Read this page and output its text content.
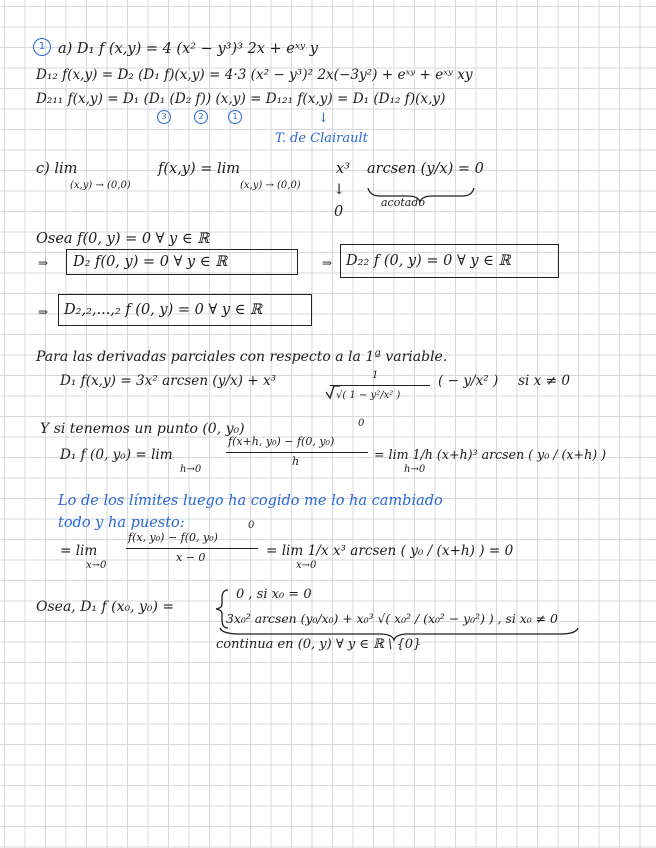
1 a) D₁ f (x,y) = 4 (x² − y³)³ 2x + eˣʸ y
D₁₂ f(x,y) = D₂ (D₁ f)(x,y) = 4·3 (x² − y³)² 2x(−3y²) + eˣʸ + eˣʸ xy
D₂₁₁ f(x,y) = D₁ (D₁ (D₂ f)) (x,y) = D₁₂₁ f(x,y) = D₁ (D₁₂ f)(x,y)
3	2	1	↓
T. de Clairault
c) lim
(x,y) → (0,0)
f(x,y) = lim
(x,y) → (0,0)
x³ arcsen (y/x) = 0
↓
0
acotado
Osea f(0, y) = 0 ∀ y ∈ ℝ
⇒ D₂ f(0, y) = 0 ∀ y ∈ ℝ	⇒ D₂₂ f (0, y) = 0 ∀ y ∈ ℝ
⇒ D₂,₂,...,₂ f (0, y) = 0 ∀ y ∈ ℝ
Para las derivadas parciales con respecto a la 1ª variable.
D₁ f(x,y) = 3x² arcsen (y/x) + x³	1
√( 1 − y²/x² )
( − y/x² ) si x ≠ 0
Y si tenemos un punto (0, y₀)	0
D₁ f (0, y₀) = lim
h→0
f(x+h, y₀) − f(0, y₀)
h	= lim 1/h (x+h)³ arcsen ( y₀ / (x+h) )
h→0
Lo de los límites luego ha cogido me lo ha cambiado
todo y ha puesto:	0
= lim
x→0
f(x, y₀) − f(0, y₀)
x − 0	= lim 1/x x³ arcsen ( y₀ / (x+h) ) = 0
x→0
Osea, D₁ f (x₀, y₀) =
0 , si x₀ = 0
3x₀² arcsen (y₀/x₀) + x₀³ √( x₀² / (x₀² − y₀²) ) , si x₀ ≠ 0
continua en (0, y) ∀ y ∈ ℝ \ {0}
